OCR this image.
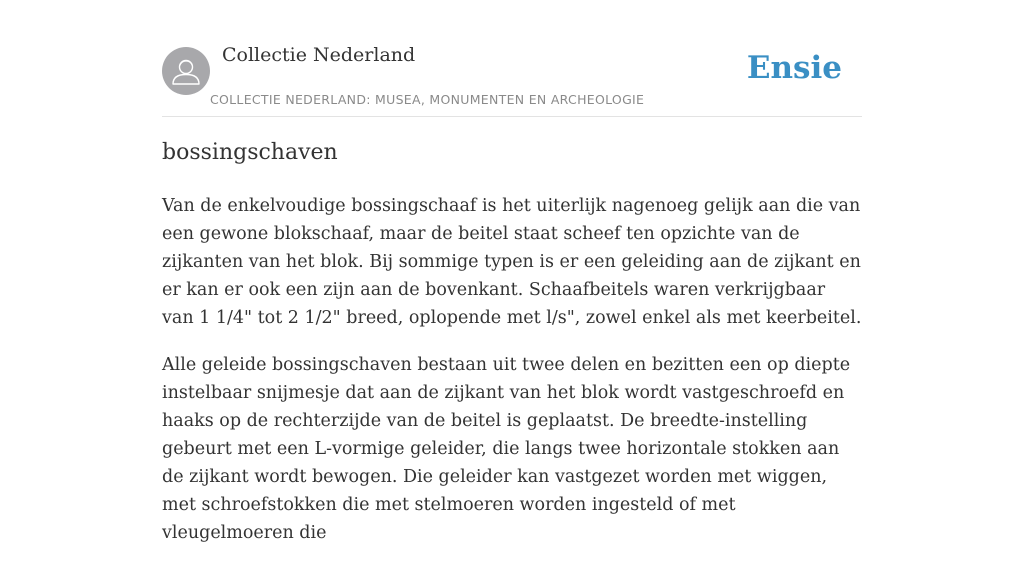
Collectie Nederland
COLLECTIE NEDERLAND: MUSEA, MONUMENTEN EN ARCHEOLOGIE
Ensie
bossingschaven

Van de enkelvoudige bossingschaaf is het uiterlijk nagenoeg gelijk aan die van een gewone blokschaaf, maar de beitel staat scheef ten opzichte van de zijkanten van het blok. Bij sommige typen is er een geleiding aan de zijkant en er kan er ook een zijn aan de bovenkant. Schaafbeitels waren verkrijgbaar van 1 1/4" tot 2 1/2" breed, oplopende met l/s", zowel enkel als met keerbeitel.

Alle geleide bossingschaven bestaan uit twee delen en bezitten een op diepte instelbaar snijmesje dat aan de zijkant van het blok wordt vastgeschroefd en haaks op de rechterzijde van de beitel is geplaatst. De breedte-instelling gebeurt met een L-vormige geleider, die langs twee horizontale stokken aan de zijkant wordt bewogen. Die geleider kan vastgezet worden met wiggen, met schroefstokken die met stelmoeren worden ingesteld of met vleugelmoeren die
